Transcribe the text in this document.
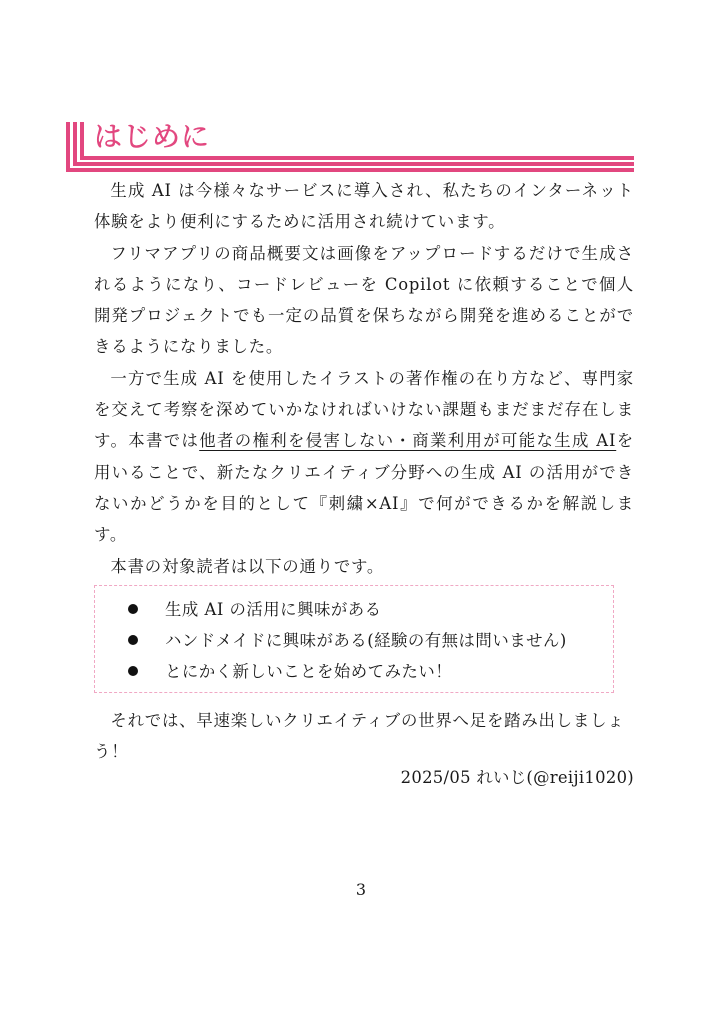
はじめに

生成 AI は今様々なサービスに導入され、私たちのインターネット体験をより便利にするために活用され続けています。

フリマアプリの商品概要文は画像をアップロードするだけで生成されるようになり、コードレビューを Copilot に依頼することで個人開発プロジェクトでも一定の品質を保ちながら開発を進めることができるようになりました。

一方で生成 AI を使用したイラストの著作権の在り方など、専門家を交えて考察を深めていかなければいけない課題もまだまだ存在します。本書では他者の権利を侵害しない・商業利用が可能な生成 AIを用いることで、新たなクリエイティブ分野への生成 AI の活用ができないかどうかを目的として『刺繍×AI』で何ができるかを解説します。

本書の対象読者は以下の通りです。

生成 AI の活用に興味がある
ハンドメイドに興味がある(経験の有無は問いません)
とにかく新しいことを始めてみたい！

それでは、早速楽しいクリエイティブの世界へ足を踏み出しましょう！

2025/05 れいじ(@reiji1020)
3
